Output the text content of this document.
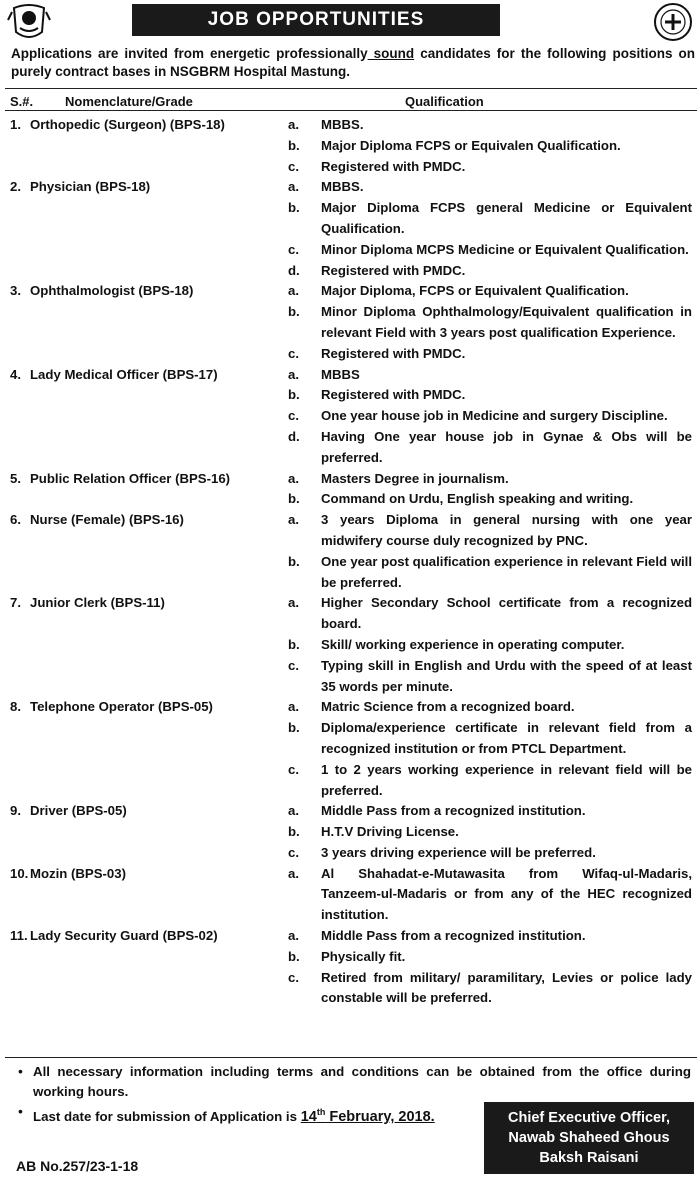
JOB OPPORTUNITIES

Applications are invited from energetic professionally sound candidates for the following positions on purely contract bases in NSGBRM Hospital Mastung.

S.#. Nomenclature/Grade	Qualification
1. Orthopedic (Surgeon) (BPS-18)	a.	MBBS.
b.	Major Diploma FCPS or Equivalen Qualification.
c.	Registered with PMDC.
2. Physician (BPS-18)	a.	MBBS.
b.	Major Diploma FCPS general Medicine or Equivalent Qualification.
c.	Minor Diploma MCPS Medicine or Equivalent Qualification.
d.	Registered with PMDC.
3. Ophthalmologist (BPS-18)	a.	Major Diploma, FCPS or Equivalent Qualification.
b.	Minor Diploma Ophthalmology/Equivalent qualification in relevant Field with 3 years post qualification Experience.
c.	Registered with PMDC.
4. Lady Medical Officer (BPS-17)	a.	MBBS
b.	Registered with PMDC.
c.	One year house job in Medicine and surgery Discipline.
d.	Having One year house job in Gynae & Obs will be preferred.
5. Public Relation Officer (BPS-16)	a.	Masters Degree in journalism.
b.	Command on Urdu, English speaking and writing.
6. Nurse (Female) (BPS-16)	a.	3 years Diploma in general nursing with one year midwifery course duly recognized by PNC.
b.	One year post qualification experience in relevant Field will be preferred.
7. Junior Clerk (BPS-11)	a.	Higher Secondary School certificate from a recognized board.
b.	Skill/ working experience in operating computer.
c.	Typing skill in English and Urdu with the speed of at least 35 words per minute.
8. Telephone Operator (BPS-05)	a.	Matric Science from a recognized board.
b.	Diploma/experience certificate in relevant field from a recognized institution or from PTCL Department.
c.	1 to 2 years working experience in relevant field will be preferred.
9. Driver (BPS-05)	a.	Middle Pass from a recognized institution.
b.	H.T.V Driving License.
c.	3 years driving experience will be preferred.
10. Mozin (BPS-03)	a.	Al Shahadat-e-Mutawasita from Wifaq-ul-Madaris, Tanzeem-ul-Madaris or from any of the HEC recognized institution.
11. Lady Security Guard (BPS-02)	a.	Middle Pass from a recognized institution.
b.	Physically fit.
c.	Retired from military/ paramilitary, Levies or police lady constable will be preferred.
• All necessary information including terms and conditions can be obtained from the office during working hours.
• Last date for submission of Application is 14th February, 2018.	Chief Executive Officer,
Nawab Shaheed Ghous
Baksh Raisani
AB No.257/23-1-18
